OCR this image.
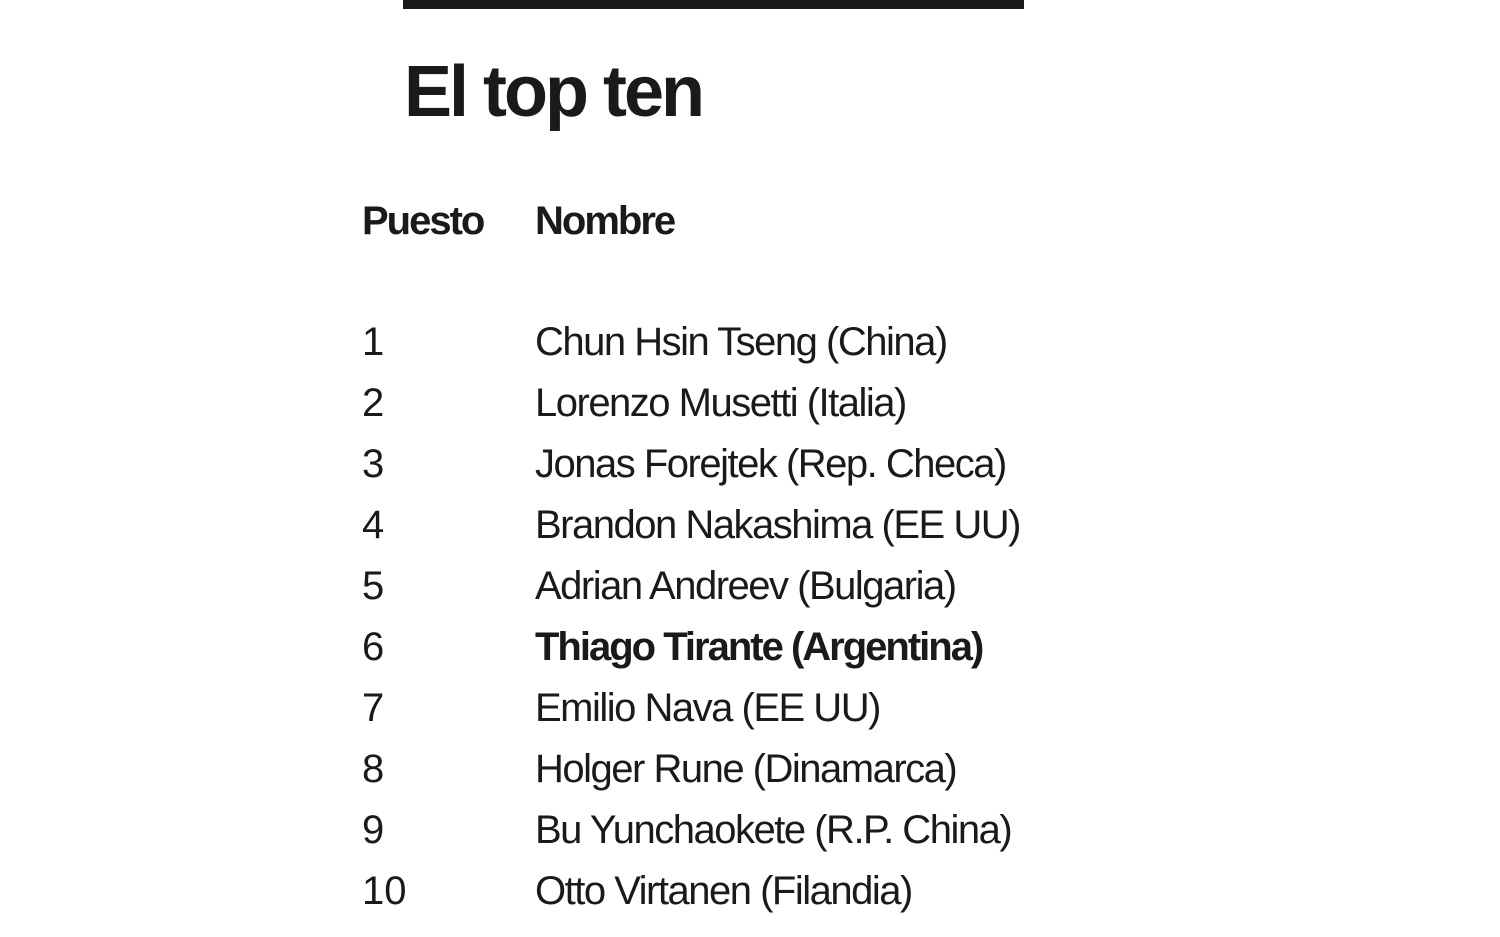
El top ten
Puesto Nombre
1	Chun Hsin Tseng (China)
2	Lorenzo Musetti (Italia)
3	Jonas Forejtek (Rep. Checa)
4	Brandon Nakashima (EE UU)
5	Adrian Andreev (Bulgaria)
6	Thiago Tirante (Argentina)
7	Emilio Nava (EE UU)
8	Holger Rune (Dinamarca)
9	Bu Yunchaokete (R.P. China)
10	Otto Virtanen (Filandia)
